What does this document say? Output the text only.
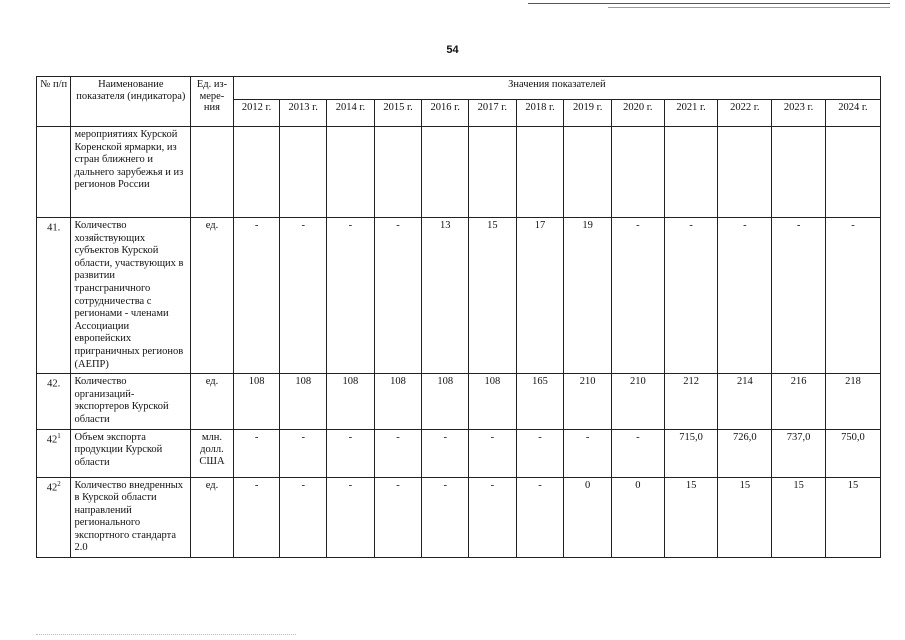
54
№ п/п	Наименование показателя (индикатора)	Ед. из-мере-ния	Значения показателей												
			2012 г.	2013 г.	2014 г.	2015 г.	2016 г.	2017 г.	2018 г.	2019 г.	2020 г.	2021 г.	2022 г.	2023 г.	2024 г.
	мероприятиях Курской Коренской ярмарки, из стран ближнего и дальнего зарубежья и из регионов России														
41.	Количество хозяйствующих субъектов Курской области, участвующих в развитии трансграничного сотрудничества с регионами - членами Ассоциации европейских приграничных регионов (АЕПР)	ед.	-	-	-	-	13	15	17	19	-	-	-	-	-
42.	Количество организаций-экспортеров Курской области	ед.	108	108	108	108	108	108	165	210	210	212	214	216	218
$42^1$	Объем экспорта продукции Курской области	млн. долл. США	-	-	-	-	-	-	-	-	-	715,0	726,0	737,0	750,0
$42^2$	Количество внедренных в Курской области направлений регионального экспортного стандарта 2.0	ед.	-	-	-	-	-	-	-	0	0	15	15	15	15
